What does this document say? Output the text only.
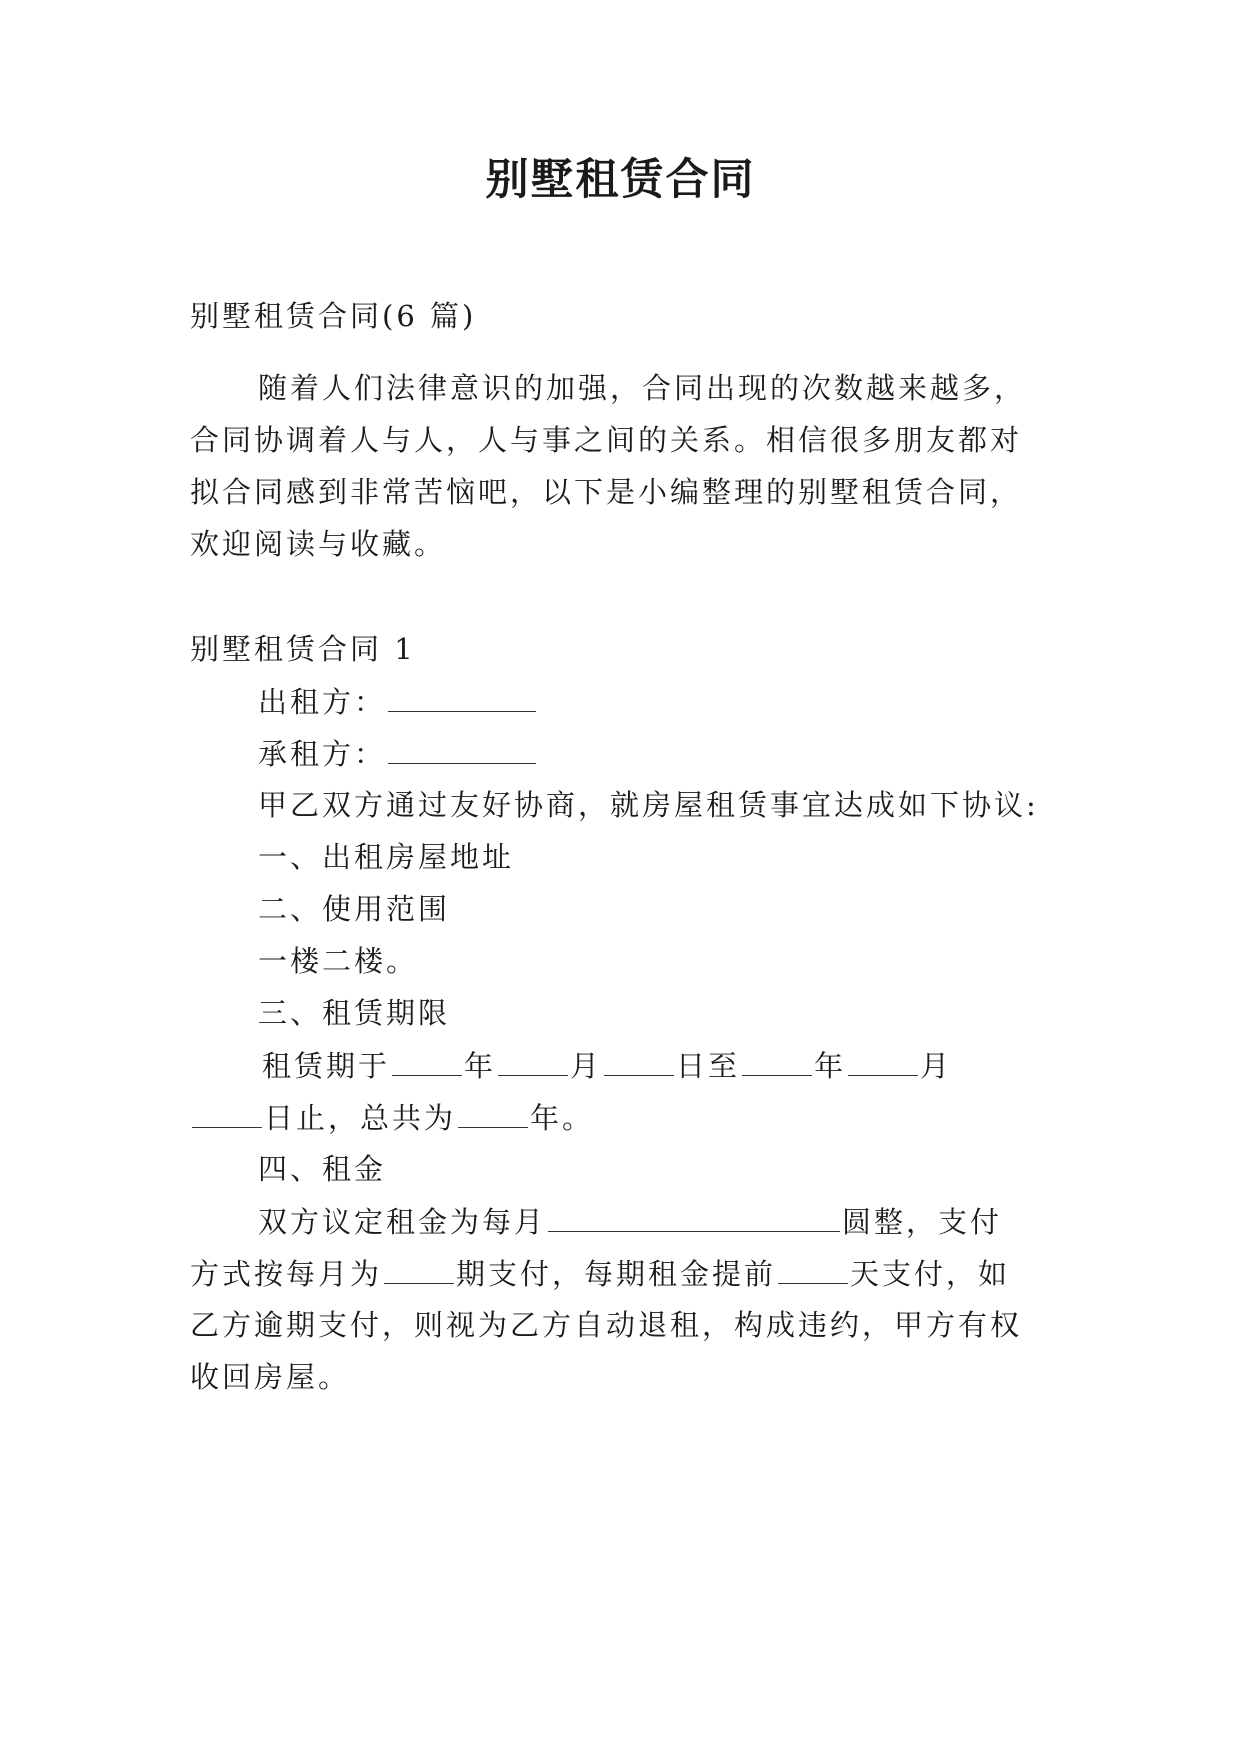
别墅租赁合同
别墅租赁合同(6 篇)
随着人们法律意识的加强，合同出现的次数越来越多，
合同协调着人与人，人与事之间的关系。相信很多朋友都对
拟合同感到非常苦恼吧，以下是小编整理的别墅租赁合同，
欢迎阅读与收藏。
别墅租赁合同 1
出租方：
承租方：
甲乙双方通过友好协商，就房屋租赁事宜达成如下协议:
一、出租房屋地址
二、使用范围
一楼二楼。
三、租赁期限
租赁期于	年	月	日至	年	月
日止，总共为	年。
四、租金
双方议定租金为每月	圆整，支付
方式按每月为	期支付，每期租金提前	天支付，如
乙方逾期支付，则视为乙方自动退租，构成违约，甲方有权
收回房屋。
